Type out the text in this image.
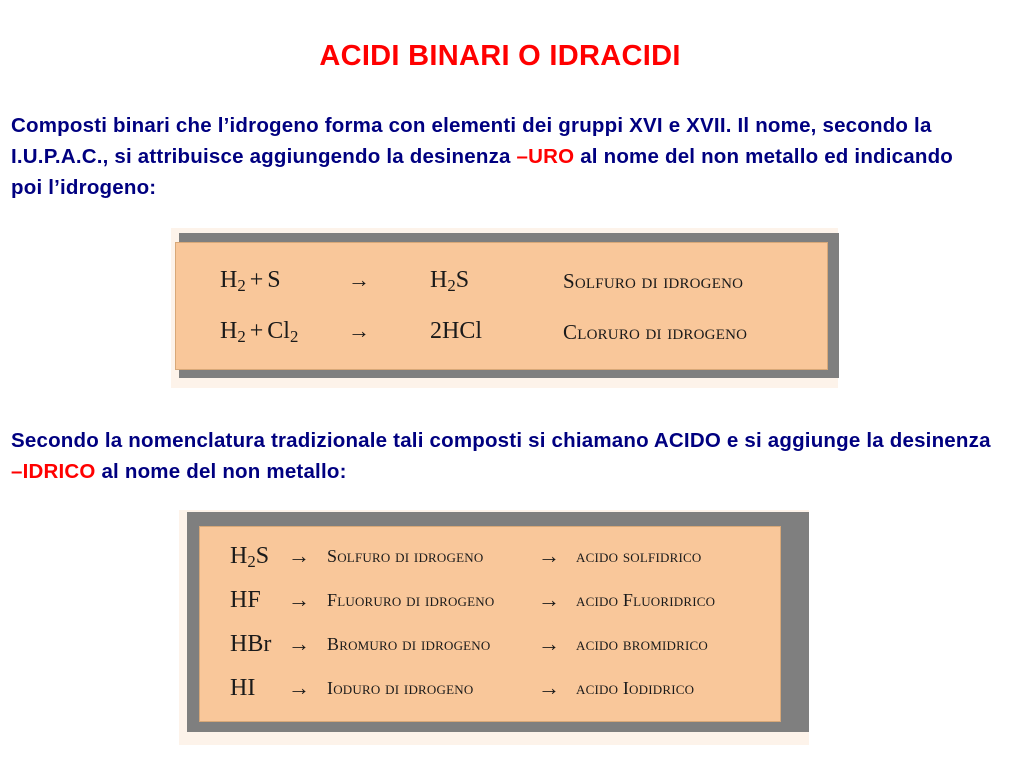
ACIDI BINARI O IDRACIDI
Composti binari che l’idrogeno forma con elementi dei gruppi XVI e XVII. Il nome, secondo la I.U.P.A.C., si attribuisce aggiungendo la desinenza –URO al nome del non metallo ed indicando poi l’idrogeno:
$H_2 + S$	→	$H_2S$	Solfuro di idrogeno
$H_2 + Cl_2$ →	2HCl	Cloruro di idrogeno
Secondo la nomenclatura tradizionale tali composti si chiamano ACIDO e si aggiunge la desinenza –IDRICO al nome del non metallo:
$H_2S$ → Solfuro di idrogeno → acido solfidrico
HF → Fluoruro di idrogeno → acido Fluoridrico
HBr → Bromuro di idrogeno → acido bromidrico
HI → Ioduro di idrogeno	→ acido Iodidrico
